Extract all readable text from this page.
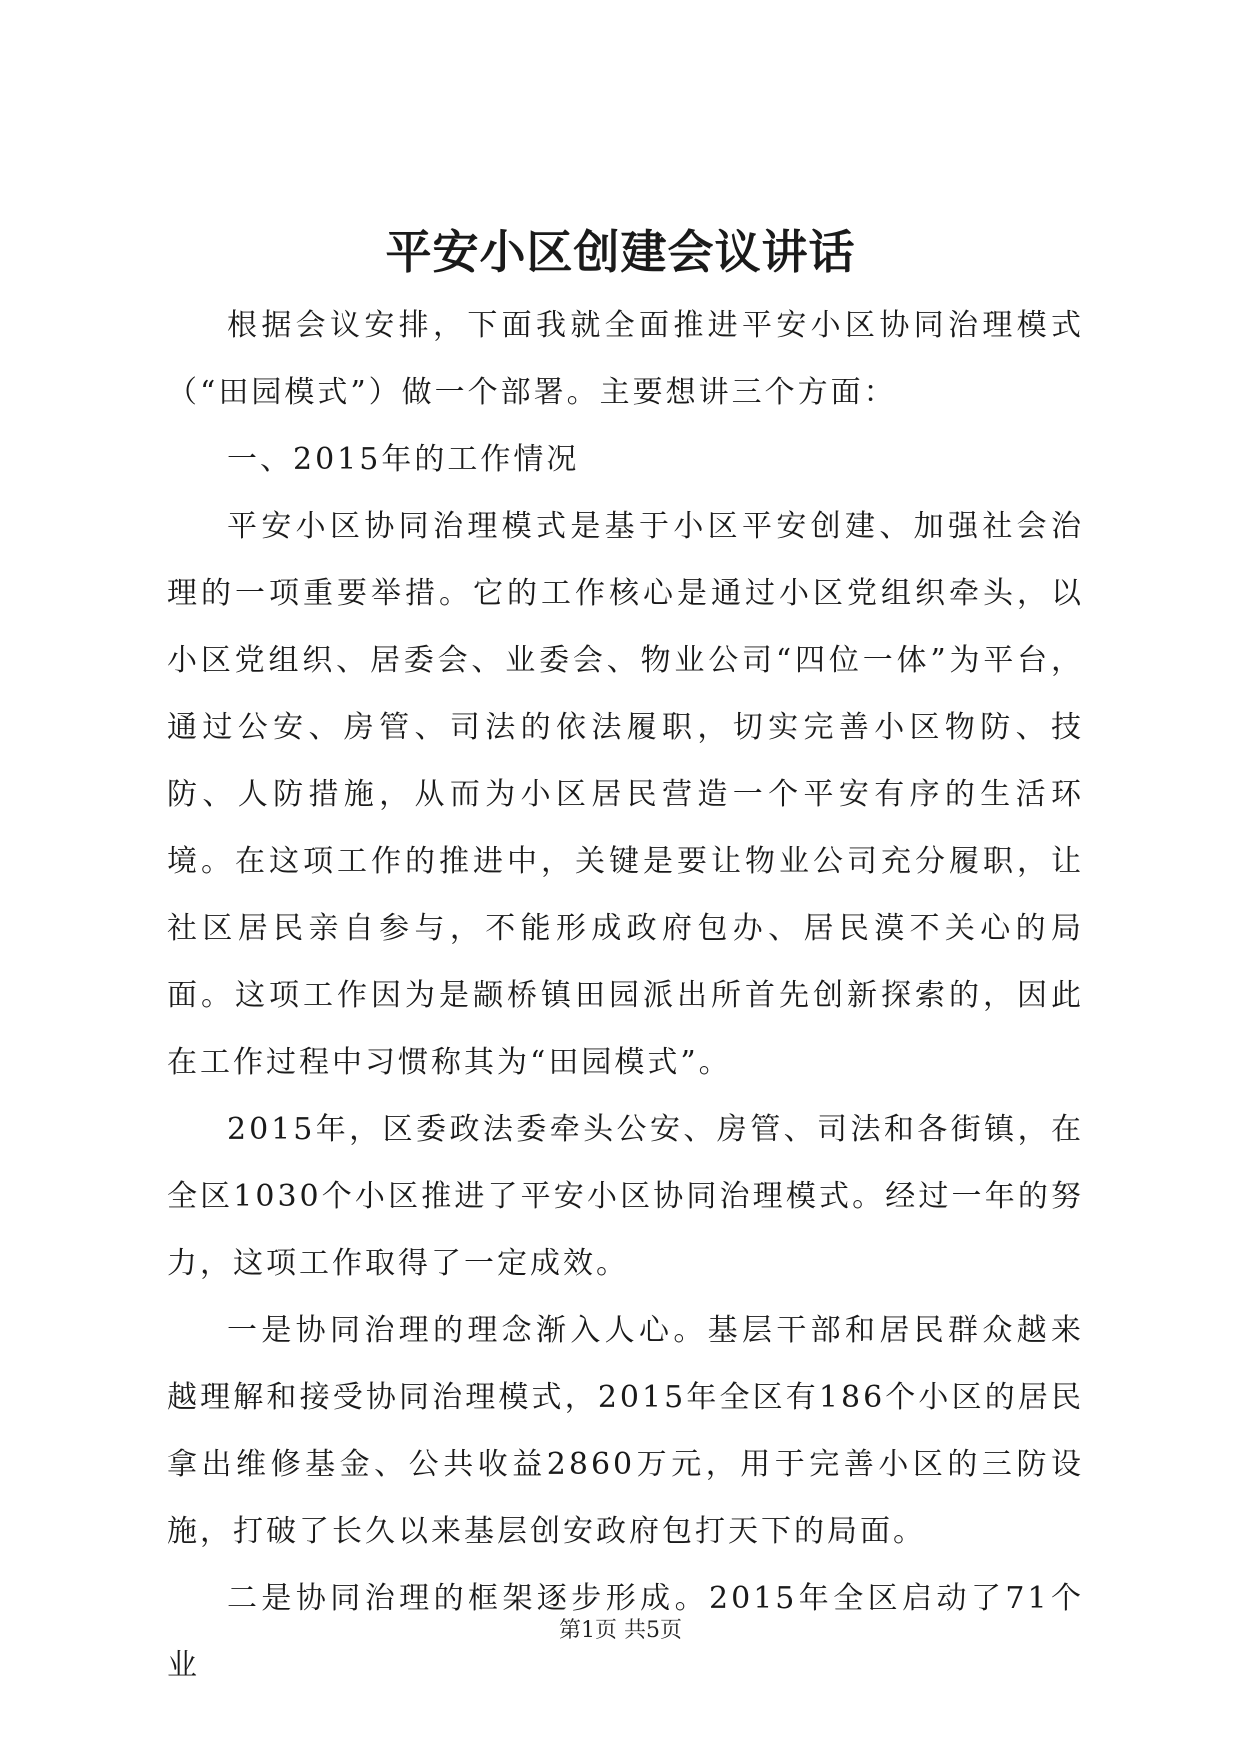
平安小区创建会议讲话

根据会议安排，下面我就全面推进平安小区协同治理模式（“田园模式”）做一个部署。主要想讲三个方面：

一、2015年的工作情况

平安小区协同治理模式是基于小区平安创建、加强社会治理的一项重要举措。它的工作核心是通过小区党组织牵头，以小区党组织、居委会、业委会、物业公司“四位一体”为平台，通过公安、房管、司法的依法履职，切实完善小区物防、技防、人防措施，从而为小区居民营造一个平安有序的生活环境。在这项工作的推进中，关键是要让物业公司充分履职，让社区居民亲自参与，不能形成政府包办、居民漠不关心的局面。这项工作因为是颛桥镇田园派出所首先创新探索的，因此在工作过程中习惯称其为“田园模式”。

2015年，区委政法委牵头公安、房管、司法和各街镇，在全区1030个小区推进了平安小区协同治理模式。经过一年的努力，这项工作取得了一定成效。

一是协同治理的理念渐入人心。基层干部和居民群众越来越理解和接受协同治理模式，2015年全区有186个小区的居民拿出维修基金、公共收益2860万元，用于完善小区的三防设施，打破了长久以来基层创安政府包打天下的局面。

二是协同治理的框架逐步形成。2015年全区启动了71个业

第1页 共5页
